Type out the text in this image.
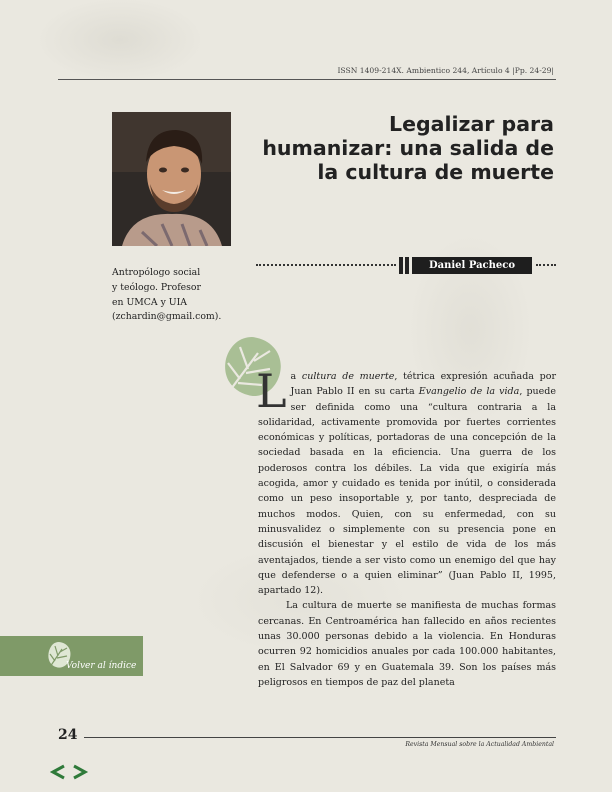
ISSN 1409-214X. Ambientico 244, Artículo 4 |Pp. 24-29|
Legalizar para
humanizar: una salida de
la cultura de muerte
Daniel Pacheco
Antropólogo social
y teólogo. Profesor
en UMCA y UIA
(zchardin@gmail.com).

La cultura de muerte, tétrica expresión acuñada por Juan Pablo II en su carta Evangelio de la vida, puede ser definida como una “cultura contraria a la solidaridad, activamente promovida por fuertes corrientes económicas y políticas, portadoras de una concepción de la sociedad basada en la eficiencia. Una guerra de los poderosos contra los débiles. La vida que exigiría más acogida, amor y cuidado es tenida por inútil, o considerada como un peso insoportable y, por tanto, despreciada de muchos modos. Quien, con su enfermedad, con su minusvalidez o simplemente con su presencia pone en discusión el bienestar y el estilo de vida de los más aventajados, tiende a ser visto como un enemigo del que hay que defenderse o a quien eliminar” (Juan Pablo II, 1995, apartado 12).

La cultura de muerte se manifiesta de muchas formas cercanas. En Centroamérica han fallecido en años recientes unas 30.000 personas debido a la violencia. En Honduras ocurren 92 homicidios anuales por cada 100.000 habitantes, en El Salvador 69 y en Guatemala 39. Son los países más peligrosos en tiempos de paz del planeta

Volver al índice
24
Revista Mensual sobre la Actualidad Ambiental
